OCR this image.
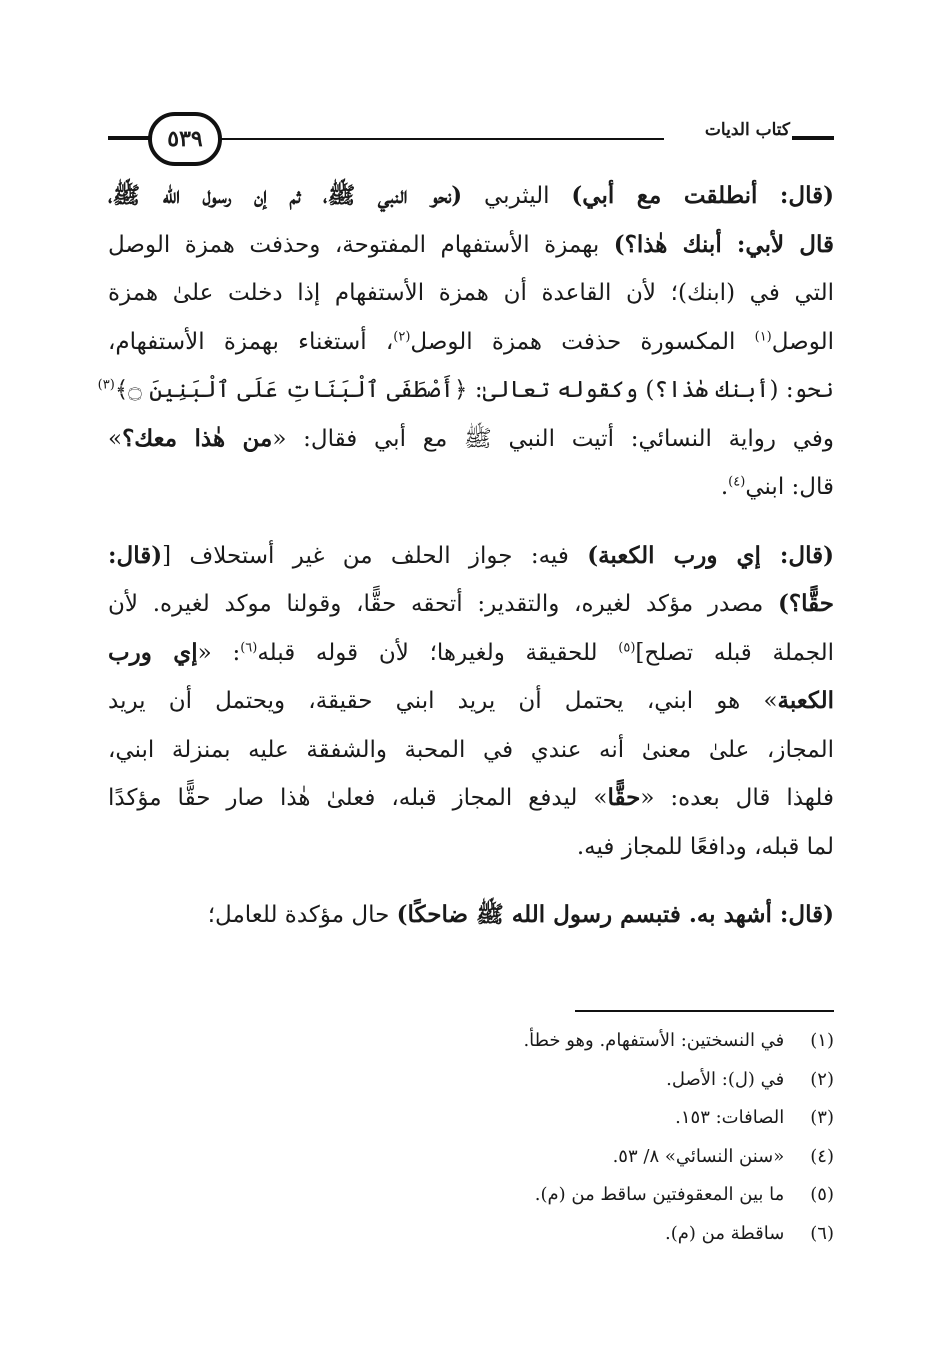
كتاب الديات
٥٣٩
(قال: أنطلقت مع أبي) اليثربي (نحو النبي ﷺ، ثم إن رسول الله ﷺ،
قال لأبي: أبنك هٰذا؟) بهمزة الأستفهام المفتوحة، وحذفت همزة الوصل
التي في (ابنك)؛ لأن القاعدة أن همزة الأستفهام إذا دخلت علىٰ همزة
الوصل$^{(١)}$ المكسورة حذفت همزة الوصل$^{(٢)}$، أستغناء بهمزة الأستفهام،
نحو: (أبنك هٰذا؟) وكقوله تعالىٰ: ﴿أَصْطَفَى ٱلْبَنَاتِ عَلَى ٱلْبَنِينَ ۝﴾$^{(٣)}$
وفي رواية النسائي: أتيت النبي ﷺ مع أبي فقال: «من هٰذا معك؟»
قال: ابني$^{(٤)}$.
(قال: إي ورب الكعبة) فيه: جواز الحلف من غير أستحلاف [(قال:
حقًّا؟) مصدر مؤكد لغيره، والتقدير: أتحقه حقًّا، وقولنا موكد لغيره. لأن
الجملة قبله تصلح]$^{(٥)}$ للحقيقة ولغيرها؛ لأن قوله قبله$^{(٦)}$: «إي ورب
الكعبة» هو ابني، يحتمل أن يريد ابني حقيقة، ويحتمل أن يريد
المجاز، علىٰ معنىٰ أنه عندي في المحبة والشفقة عليه بمنزلة ابني،
فلهذا قال بعده: «حقًّا» ليدفع المجاز قبله، فعلىٰ هٰذا صار حقًّا مؤكدًا
لما قبله، ودافعًا للمجاز فيه.
(قال: أشهد به. فتبسم رسول الله ﷺ ضاحكًا) حال مؤكدة للعامل؛
(١) في النسختين: الأستفهام. وهو خطأ.
(٢) في (ل): الأصل.
(٣) الصافات: ١٥٣.
(٤) «سنن النسائي» ٨/ ٥٣.
(٥) ما بين المعقوفتين ساقط من (م).
(٦) ساقطة من (م).
